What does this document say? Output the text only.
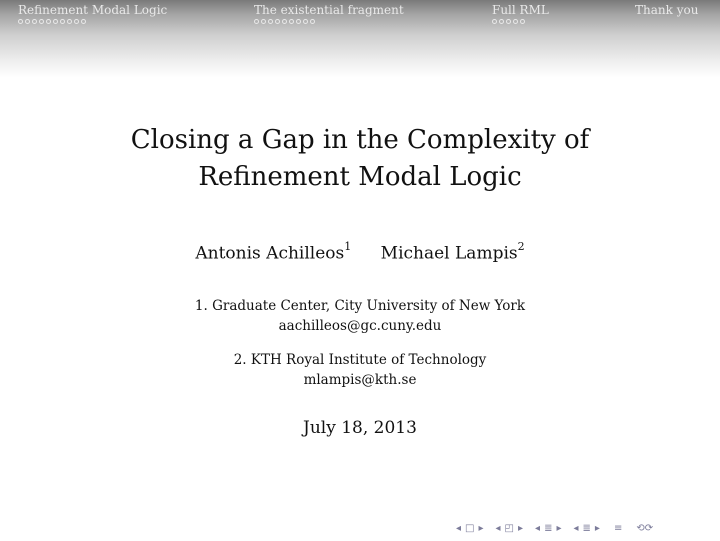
Refinement Modal Logic	The existential fragment	Full RML	Thank you
Closing a Gap in the Complexity of
Refinement Modal Logic
Antonis Achilleos$^1$ Michael Lampis$^2$
1. Graduate Center, City University of New York
aachilleos@gc.cuny.edu
2. KTH Royal Institute of Technology
mlampis@kth.se
July 18, 2013
◂ □ ▸ ◂ ◰ ▸ ◂ ≣ ▸ ◂ ≣ ▸ ≡ ⟲⟳
